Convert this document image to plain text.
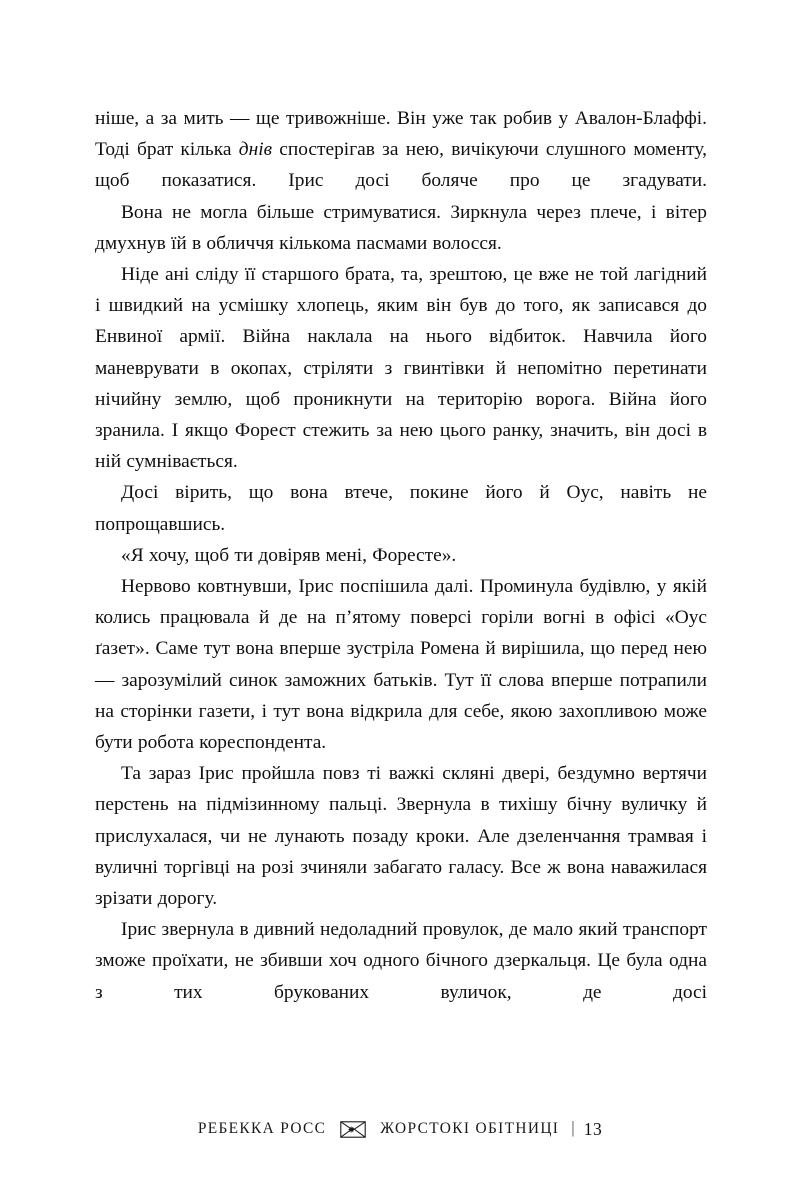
ніше, а за мить — ще тривожніше. Він уже так робив у Авалон-Блаффі. Тоді брат кілька днів спостерігав за нею, вичікуючи слушного моменту, щоб показатися. Ірис досі боляче про це згадувати.

Вона не могла більше стримуватися. Зиркнула через плече, і вітер дмухнув їй в обличчя кількома пасмами волосся.

Ніде ані сліду її старшого брата, та, зрештою, це вже не той лагідний і швидкий на усмішку хлопець, яким він був до того, як записався до Енвиної армії. Війна наклала на нього відбиток. Навчила його маневрувати в окопах, стріляти з гвинтівки й непомітно перетинати нічийну землю, щоб проникнути на територію ворога. Війна його зранила. І якщо Форест стежить за нею цього ранку, значить, він досі в ній сумнівається.

Досі вірить, що вона втече, покине його й Оус, навіть не попрощавшись.

«Я хочу, щоб ти довіряв мені, Форесте».

Нервово ковтнувши, Ірис поспішила далі. Проминула будівлю, у якій колись працювала й де на п’ятому поверсі горіли вогні в офісі «Оус ґазет». Саме тут вона вперше зустріла Ромена й вирішила, що перед нею — зарозумілий синок заможних батьків. Тут її слова вперше потрапили на сторінки газети, і тут вона відкрила для себе, якою захопливою може бути робота кореспондента.

Та зараз Ірис пройшла повз ті важкі скляні двері, бездумно вертячи перстень на підмізинному пальці. Звернула в тихішу бічну вуличку й прислухалася, чи не лунають позаду кроки. Але дзеленчання трамвая і вуличні торгівці на розі зчиняли забагато галасу. Все ж вона наважилася зрізати дорогу.

Ірис звернула в дивний недоладний провулок, де мало який транспорт зможе проїхати, не збивши хоч одного бічного дзеркальця. Це була одна з тих брукованих вуличок, де досі

РЕБЕККА РОСС	ЖОРСТОКІ ОБІТНИЦІ | 13
